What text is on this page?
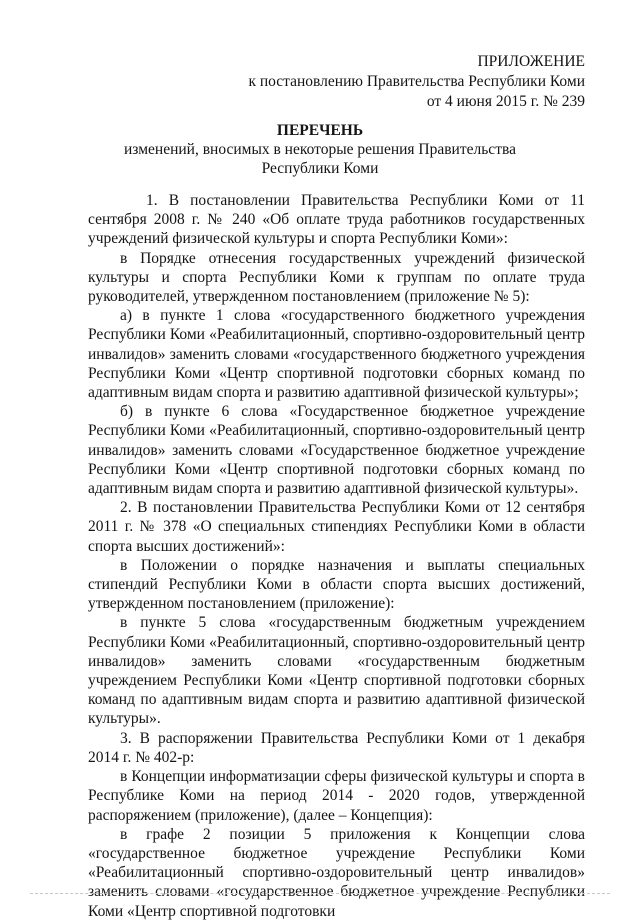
ПРИЛОЖЕНИЕ
к постановлению Правительства Республики Коми
от 4 июня 2015 г. № 239
ПЕРЕЧЕНЬ
изменений, вносимых в некоторые решения Правительства
Республики Коми

1. В постановлении Правительства Республики Коми от 11 сентября 2008 г. № 240 «Об оплате труда работников государственных учреждений физической культуры и спорта Республики Коми»:

в Порядке отнесения государственных учреждений физической культуры и спорта Республики Коми к группам по оплате труда руководителей, утвержденном постановлением (приложение № 5):

а) в пункте 1 слова «государственного бюджетного учреждения Республики Коми «Реабилитационный, спортивно-оздоровительный центр инвалидов» заменить словами «государственного бюджетного учреждения Республики Коми «Центр спортивной подготовки сборных команд по адаптивным видам спорта и развитию адаптивной физической культуры»;

б) в пункте 6 слова «Государственное бюджетное учреждение Республики Коми «Реабилитационный, спортивно-оздоровительный центр инвалидов» заменить словами «Государственное бюджетное учреждение Республики Коми «Центр спортивной подготовки сборных команд по адаптивным видам спорта и развитию адаптивной физической культуры».

2. В постановлении Правительства Республики Коми от 12 сентября 2011 г. № 378 «О специальных стипендиях Республики Коми в области спорта высших достижений»:

в Положении о порядке назначения и выплаты специальных стипендий Республики Коми в области спорта высших достижений, утвержденном постановлением (приложение):

в пункте 5 слова «государственным бюджетным учреждением Республики Коми «Реабилитационный, спортивно-оздоровительный центр инвалидов» заменить словами «государственным бюджетным учреждением Республики Коми «Центр спортивной подготовки сборных команд по адаптивным видам спорта и развитию адаптивной физической культуры».

3. В распоряжении Правительства Республики Коми от 1 декабря 2014 г. № 402-р:

в Концепции информатизации сферы физической культуры и спорта в Республике Коми на период 2014 - 2020 годов, утвержденной распоряжением (приложение), (далее – Концепция):

в графе 2 позиции 5 приложения к Концепции слова «государственное бюджетное учреждение Республики Коми «Реабилитационный спортивно-оздоровительный центр инвалидов» заменить словами «государственное бюджетное учреждение Республики Коми «Центр спортивной подготовки
